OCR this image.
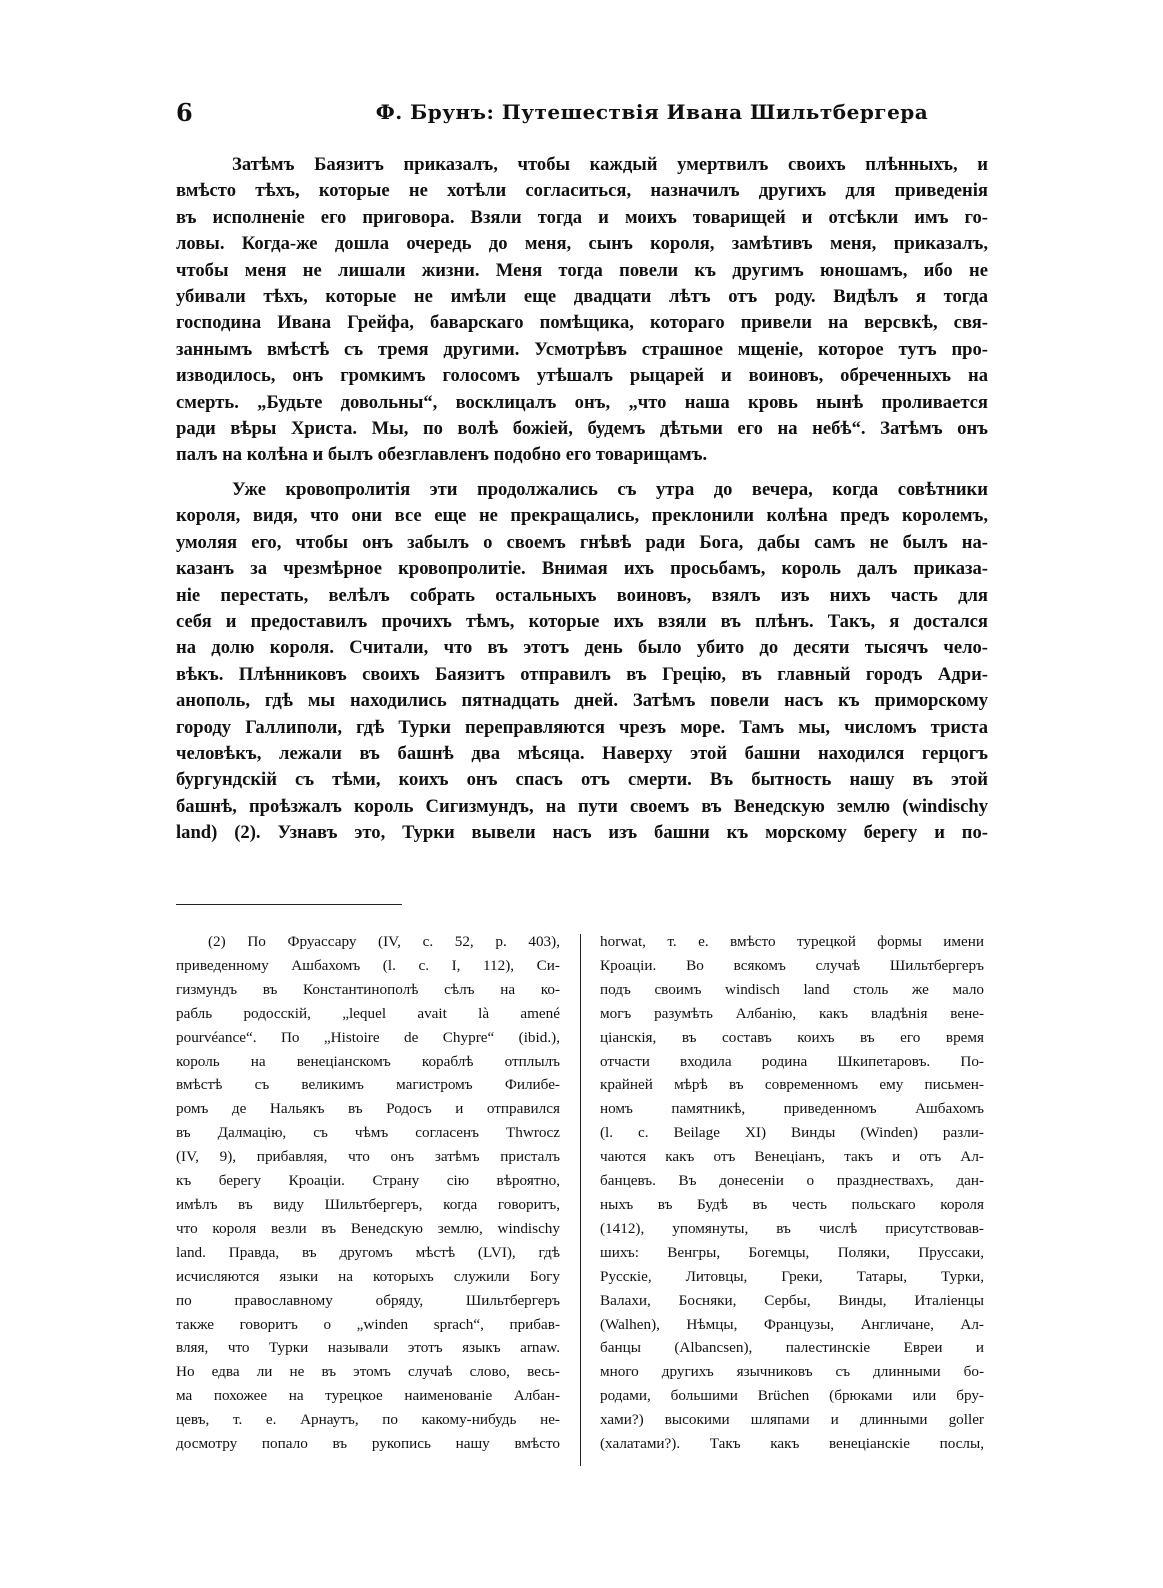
6	Ф. Брунъ: Путешествія Ивана Шильтбергера
Затѣмъ Баязитъ приказалъ, чтобы каждый умертвилъ своихъ плѣнныхъ, и
вмѣсто тѣхъ, которые не хотѣли согласиться, назначилъ другихъ для приведенія
въ исполненіе его приговора. Взяли тогда и моихъ товарищей и отсѣкли имъ го-
ловы. Когда-же дошла очередь до меня, сынъ короля, замѣтивъ меня, приказалъ,
чтобы меня не лишали жизни. Меня тогда повели къ другимъ юношамъ, ибо не
убивали тѣхъ, которые не имѣли еще двадцати лѣтъ отъ роду. Видѣлъ я тогда
господина Ивана Грейфа, баварскаго помѣщика, котораго привели на версвкѣ, свя-
заннымъ вмѣстѣ съ тремя другими. Усмотрѣвъ страшное мщеніе, которое тутъ про-
изводилось, онъ громкимъ голосомъ утѣшалъ рыцарей и воиновъ, обреченныхъ на
смерть. „Будьте довольны“, восклицалъ онъ, „что наша кровь нынѣ проливается
ради вѣры Христа. Мы, по волѣ божіей, будемъ дѣтьми его на небѣ“. Затѣмъ онъ
палъ на колѣна и былъ обезглавленъ подобно его товарищамъ.
Уже кровопролитія эти продолжались съ утра до вечера, когда совѣтники
короля, видя, что они все еще не прекращались, преклонили колѣна предъ королемъ,
умоляя его, чтобы онъ забылъ о своемъ гнѣвѣ ради Бога, дабы самъ не былъ на-
казанъ за чрезмѣрное кровопролитіе. Внимая ихъ просьбамъ, король далъ приказа-
ніе перестать, велѣлъ собрать остальныхъ воиновъ, взялъ изъ нихъ часть для
себя и предоставилъ прочихъ тѣмъ, которые ихъ взяли въ плѣнъ. Такъ, я достался
на долю короля. Считали, что въ этотъ день было убито до десяти тысячъ чело-
вѣкъ. Плѣнниковъ своихъ Баязитъ отправилъ въ Грецію, въ главный городъ Адри-
анополь, гдѣ мы находились пятнадцать дней. Затѣмъ повели насъ къ приморскому
городу Галлиполи, гдѣ Турки переправляются чрезъ море. Тамъ мы, числомъ триста
человѣкъ, лежали въ башнѣ два мѣсяца. Наверху этой башни находился герцогъ
бургундскій съ тѣми, коихъ онъ спасъ отъ смерти. Въ бытность нашу въ этой
башнѣ, проѣзжалъ король Сигизмундъ, на пути своемъ въ Венедскую землю (windischy
land) (2). Узнавъ это, Турки вывели насъ изъ башни къ морскому берегу и по-
(2) По Фруассару (IV, с. 52, р. 403),
приведенному Ашбахомъ (l. с. I, 112), Си-
гизмундъ въ Константинополѣ сѣлъ на ко-
рабль родосскій, „lequel avait là amené
pourvéance“. По „Histoire de Chypre“ (ibid.),
король на венеціанскомъ кораблѣ отплылъ
вмѣстѣ съ великимъ магистромъ Филибе-
ромъ де Нальякъ въ Родосъ и отправился
въ Далмацію, съ чѣмъ согласенъ Thwrocz
(IV, 9), прибавляя, что онъ затѣмъ присталъ
къ берегу Кроаціи. Страну сію вѣроятно,
имѣлъ въ виду Шильтбергеръ, когда говоритъ,
что короля везли въ Венедскую землю, windischy
land. Правда, въ другомъ мѣстѣ (LVI), гдѣ
исчисляются языки на которыхъ служили Богу
по православному обряду, Шильтбергеръ
также говоритъ о „winden sprach“, прибав-
вляя, что Турки называли этотъ языкъ arnaw.
Но едва ли не въ этомъ случаѣ слово, весь-
ма похожее на турецкое наименованіе Албан-
цевъ, т. е. Арнаутъ, по какому-нибудь не-
досмотру попало въ рукопись нашу вмѣсто
horwat, т. е. вмѣсто турецкой формы имени
Кроаціи. Во всякомъ случаѣ Шильтбергеръ
подъ своимъ windisch land столь же мало
могъ разумѣть Албанію, какъ владѣнія вене-
ціанскія, въ составъ коихъ въ его время
отчасти входила родина Шкипетаровъ. По-
крайней мѣрѣ въ современномъ ему письмен-
номъ памятникѣ, приведенномъ Ашбахомъ
(l. с. Beilage XI) Винды (Winden) разли-
чаются какъ отъ Венеціанъ, такъ и отъ Ал-
банцевъ. Въ донесеніи о празднествахъ, дан-
ныхъ въ Будѣ въ честь польскаго короля
(1412), упомянуты, въ числѣ присутствовав-
шихъ: Венгры, Богемцы, Поляки, Пруссаки,
Русскіе, Литовцы, Греки, Татары, Турки,
Валахи, Босняки, Сербы, Винды, Италіенцы
(Walhen), Нѣмцы, Французы, Англичане, Ал-
банцы (Albancsen), палестинскіе Евреи и
много другихъ язычниковъ съ длинными бо-
родами, большими Brüchen (брюками или бру-
хами?) высокими шляпами и длинными goller
(халатами?). Такъ какъ венеціанскіе послы,
